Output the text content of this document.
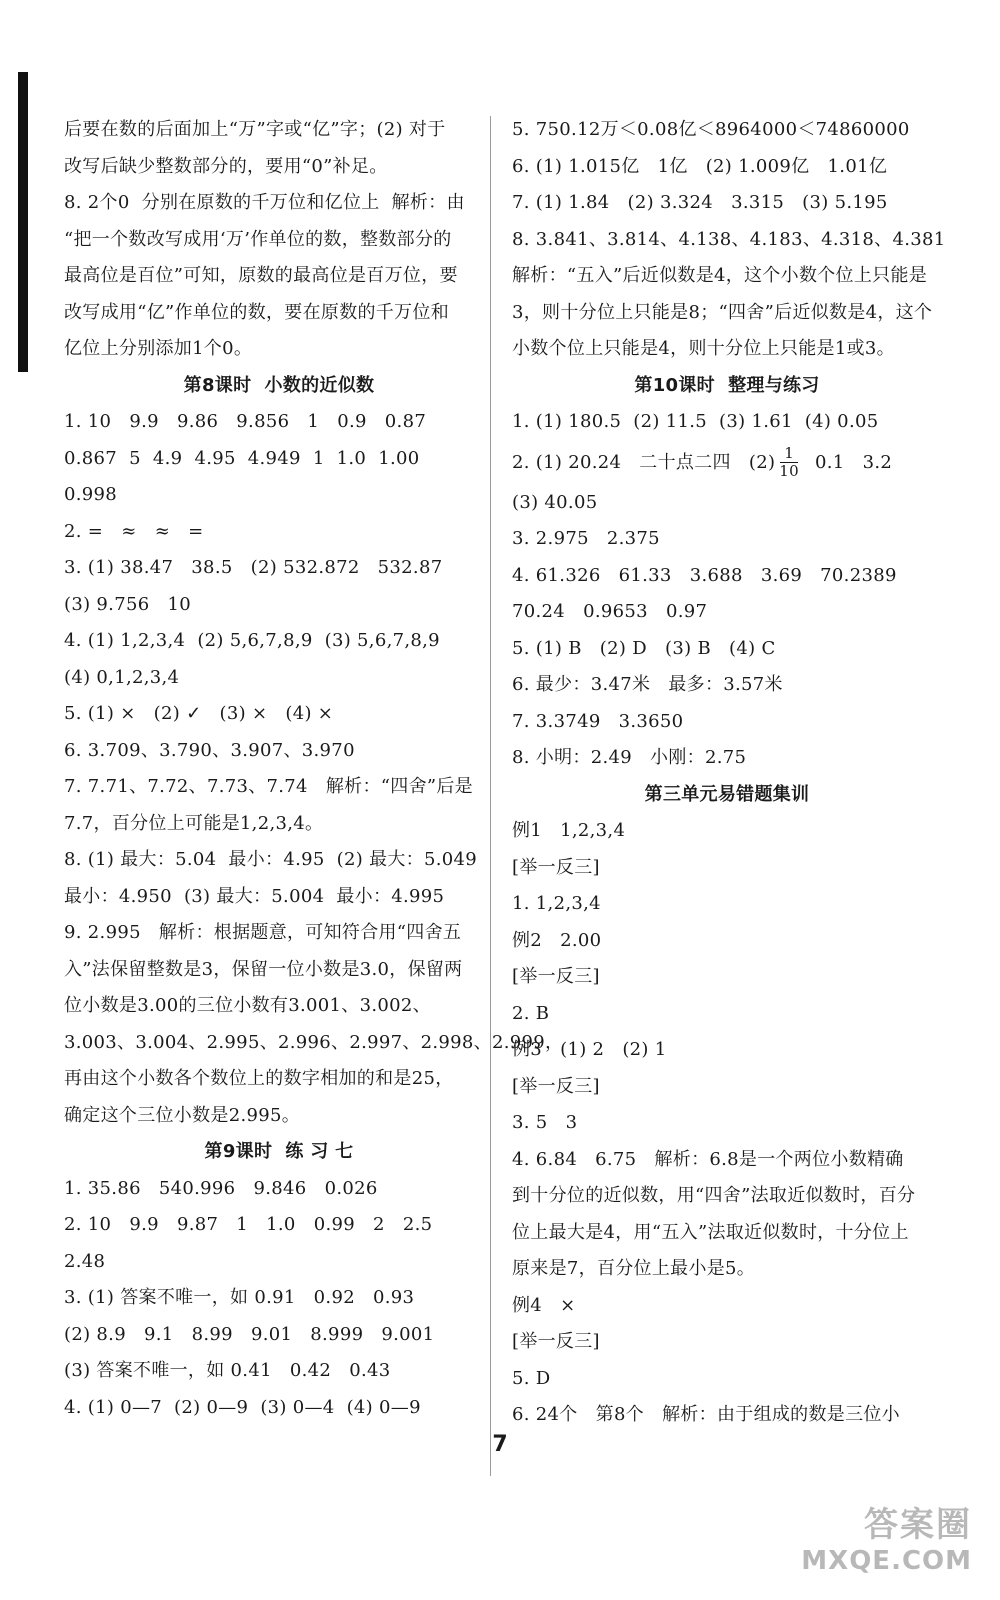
后要在数的后面加上“万”字或“亿”字；(2) 对于
改写后缺少整数部分的，要用“0”补足。
8. 2个0  分别在原数的千万位和亿位上  解析：由
“把一个数改写成用‘万’作单位的数，整数部分的
最高位是百位”可知，原数的最高位是百万位，要
改写成用“亿”作单位的数，要在原数的千万位和
亿位上分别添加1个0。
第8课时  小数的近似数
1. 10   9.9   9.86   9.856   1   0.9   0.87
0.867  5  4.9  4.95  4.949  1  1.0  1.00
0.998
2. =   ≈   ≈   =
3. (1) 38.47   38.5   (2) 532.872   532.87
(3) 9.756   10
4. (1) 1,2,3,4  (2) 5,6,7,8,9  (3) 5,6,7,8,9
(4) 0,1,2,3,4
5. (1) ×   (2) ✓   (3) ×   (4) ×
6. 3.709、3.790、3.907、3.970
7. 7.71、7.72、7.73、7.74   解析：“四舍”后是
7.7，百分位上可能是1,2,3,4。
8. (1) 最大：5.04  最小：4.95  (2) 最大：5.049
最小：4.950  (3) 最大：5.004  最小：4.995
9. 2.995   解析：根据题意，可知符合用“四舍五
入”法保留整数是3，保留一位小数是3.0，保留两
位小数是3.00的三位小数有3.001、3.002、
3.003、3.004、2.995、2.996、2.997、2.998、2.999，
再由这个小数各个数位上的数字相加的和是25，
确定这个三位小数是2.995。
第9课时  练 习 七
1. 35.86   540.996   9.846   0.026
2. 10   9.9   9.87   1   1.0   0.99   2   2.5
2.48
3. (1) 答案不唯一，如 0.91   0.92   0.93
(2) 8.9   9.1   8.99   9.01   8.999   9.001
(3) 答案不唯一，如 0.41   0.42   0.43
4. (1) 0—7  (2) 0—9  (3) 0—4  (4) 0—9
5. 750.12万＜0.08亿＜8964000＜74860000
6. (1) 1.015亿   1亿   (2) 1.009亿   1.01亿
7. (1) 1.84   (2) 3.324   3.315   (3) 5.195
8. 3.841、3.814、4.138、4.183、4.318、4.381
解析：“五入”后近似数是4，这个小数个位上只能是
3，则十分位上只能是8；“四舍”后近似数是4，这个
小数个位上只能是4，则十分位上只能是1或3。
第10课时  整理与练习
1. (1) 180.5  (2) 11.5  (3) 1.61  (4) 0.05
2. (1) 20.24   二十点二四   $(2) \frac{1}{10} 0.1$   3.2
(3) 40.05
3. 2.975   2.375
4. 61.326   61.33   3.688   3.69   70.2389
70.24   0.9653   0.97
5. (1) B   (2) D   (3) B   (4) C
6. 最少：3.47米   最多：3.57米
7. 3.3749   3.3650
8. 小明：2.49   小刚：2.75
第三单元易错题集训
例1   1,2,3,4
[举一反三]
1. 1,2,3,4
例2   2.00
[举一反三]
2. B
例3   (1) 2   (2) 1
[举一反三]
3. 5   3
4. 6.84   6.75   解析：6.8是一个两位小数精确
到十分位的近似数，用“四舍”法取近似数时，百分
位上最大是4，用“五入”法取近似数时，十分位上
原来是7，百分位上最小是5。
例4   ×
[举一反三]
5. D
6. 24个   第8个   解析：由于组成的数是三位小
7
答案圈
MXQE.COM
